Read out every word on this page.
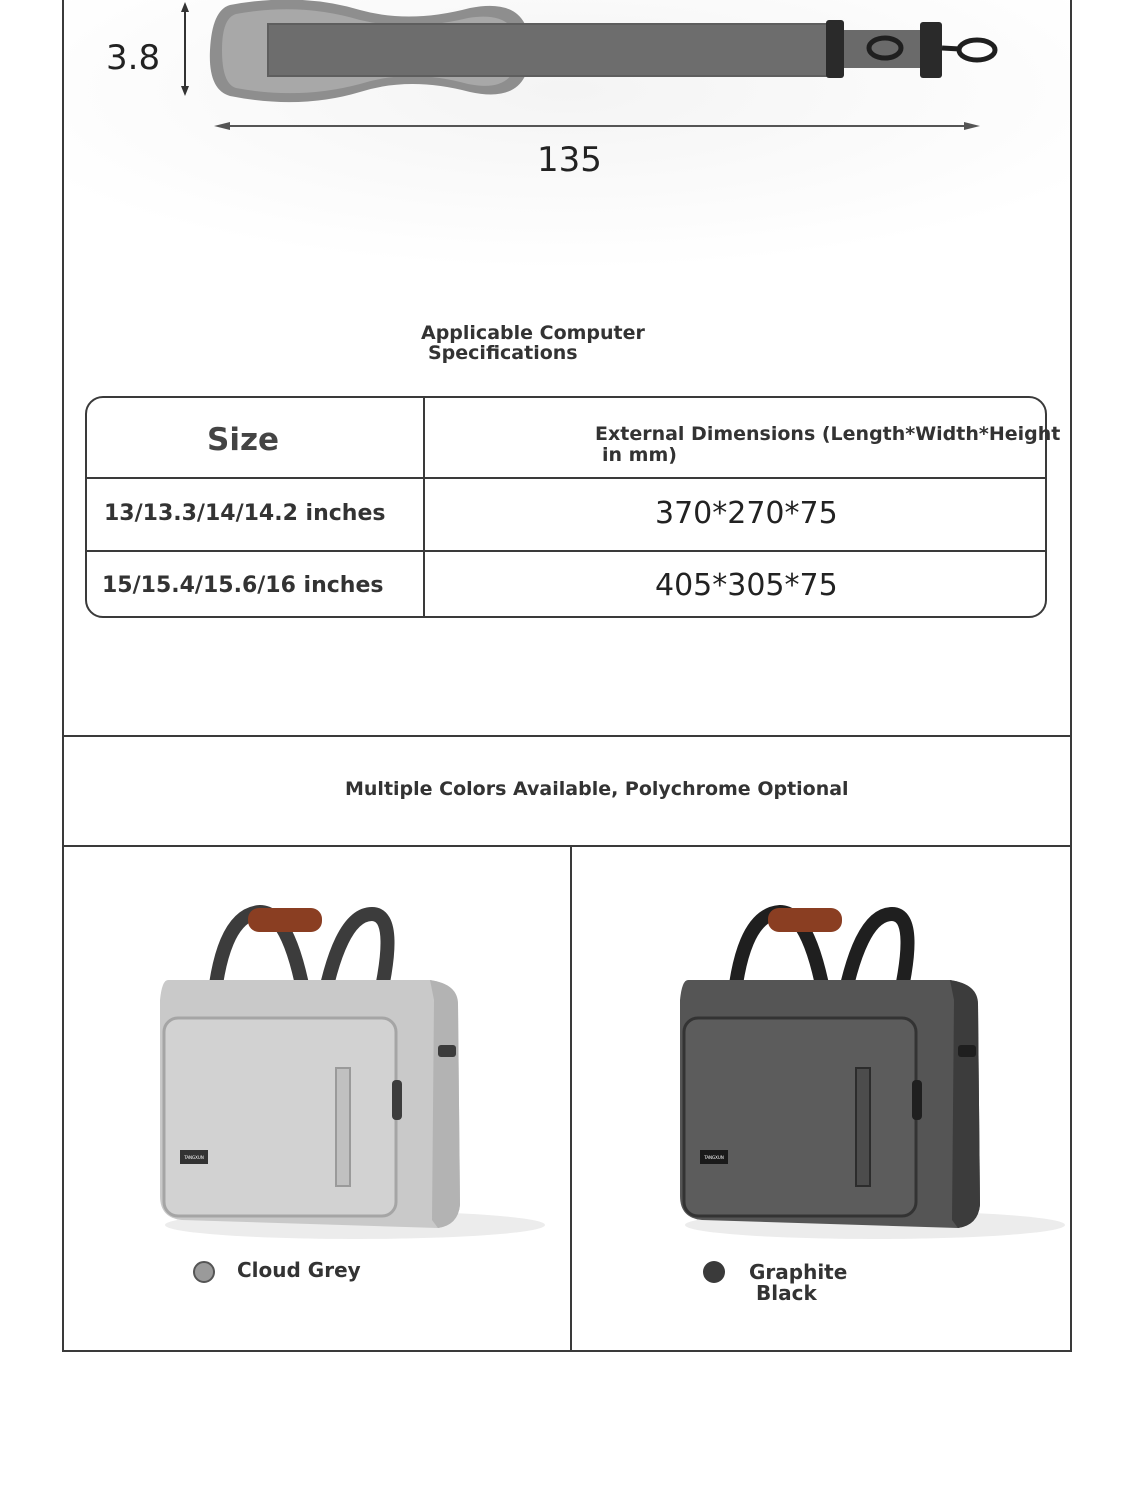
3.8
135
Applicable Computer
Specifications
Size	External Dimensions (Length*Width*Height
in mm)
13/13.3/14/14.2 inches	370*270*75
15/15.4/15.6/16 inches	405*305*75
Multiple Colors Available, Polychrome Optional
TANGXUN	TANGXUN
Cloud Grey	Graphite
Black
